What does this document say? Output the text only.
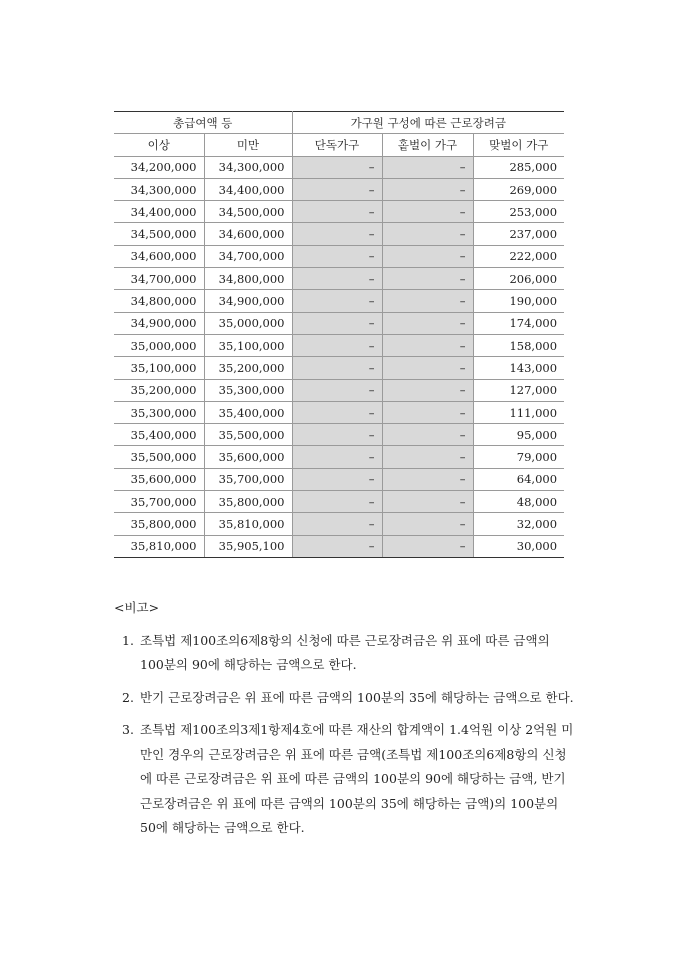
총급여액 등		가구원 구성에 따른 근로장려금		
이상	미만	단독가구	홑벌이 가구	맞벌이 가구
34,200,000	34,300,000	–	–	285,000
34,300,000	34,400,000	–	–	269,000
34,400,000	34,500,000	–	–	253,000
34,500,000	34,600,000	–	–	237,000
34,600,000	34,700,000	–	–	222,000
34,700,000	34,800,000	–	–	206,000
34,800,000	34,900,000	–	–	190,000
34,900,000	35,000,000	–	–	174,000
35,000,000	35,100,000	–	–	158,000
35,100,000	35,200,000	–	–	143,000
35,200,000	35,300,000	–	–	127,000
35,300,000	35,400,000	–	–	111,000
35,400,000	35,500,000	–	–	95,000
35,500,000	35,600,000	–	–	79,000
35,600,000	35,700,000	–	–	64,000
35,700,000	35,800,000	–	–	48,000
35,800,000	35,810,000	–	–	32,000
35,810,000	35,905,100	–	–	30,000
<비고>
1. 조특법 제100조의6제8항의 신청에 따른 근로장려금은 위 표에 따른 금액의 100분의 90에 해당하는 금액으로 한다.
2. 반기 근로장려금은 위 표에 따른 금액의 100분의 35에 해당하는 금액으로 한다.
3. 조특법 제100조의3제1항제4호에 따른 재산의 합계액이 1.4억원 이상 2억원 미만인 경우의 근로장려금은 위 표에 따른 금액(조특법 제100조의6제8항의 신청에 따른 근로장려금은 위 표에 따른 금액의 100분의 90에 해당하는 금액, 반기 근로장려금은 위 표에 따른 금액의 100분의 35에 해당하는 금액)의 100분의 50에 해당하는 금액으로 한다.
